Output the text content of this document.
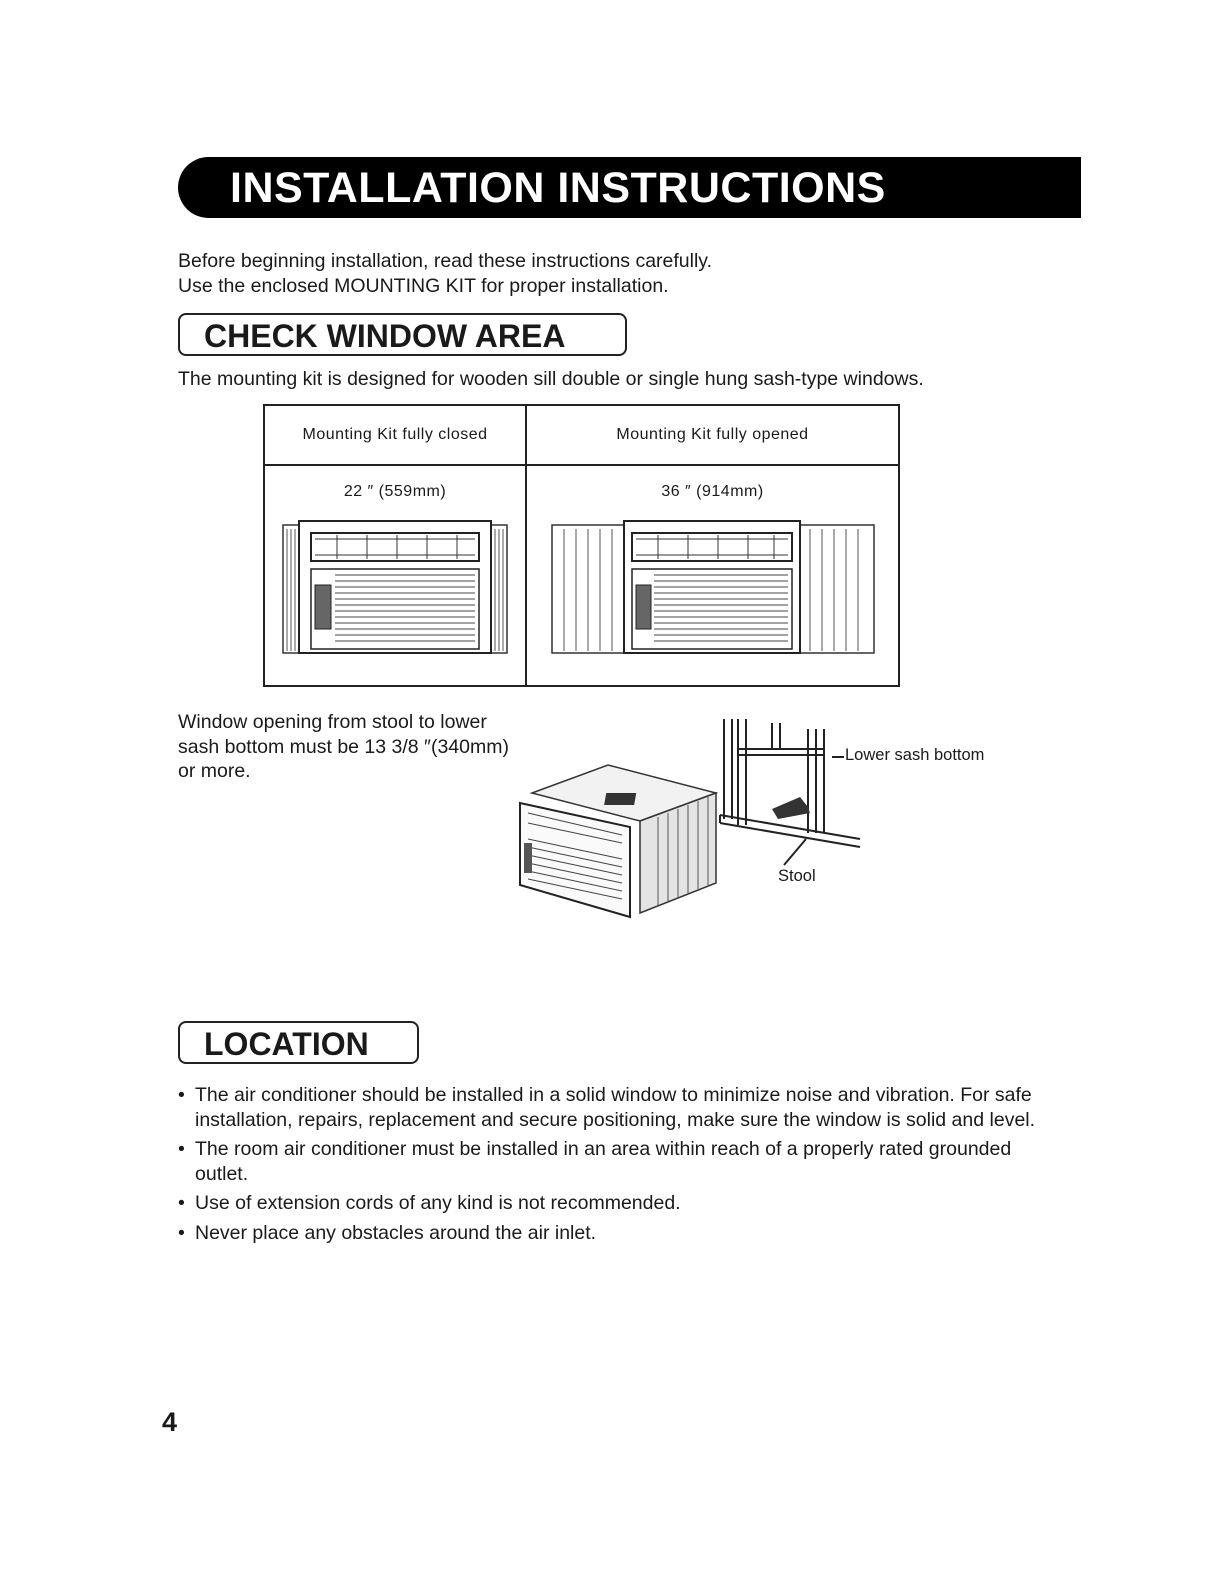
INSTALLATION INSTRUCTIONS

Before beginning installation, read these instructions carefully.

Use the enclosed MOUNTING KIT for proper installation.

CHECK WINDOW AREA

The mounting kit is designed for wooden sill double or single hung sash-type windows.

Mounting Kit fully closed	Mounting Kit fully opened

22 ″ (559mm)	36 ″ (914mm)
Window opening from stool to lower
sash bottom must be 13 3/8 ″(340mm)
or more.
Lower sash bottom
Stool
LOCATION
• The air conditioner should be installed in a solid window to minimize noise and vibration. For safe installation, repairs, replacement and secure positioning, make sure the window is solid and level.
• The room air conditioner must be installed in an area within reach of a properly rated grounded outlet.
• Use of extension cords of any kind is not recommended.
• Never place any obstacles around the air inlet.

4
